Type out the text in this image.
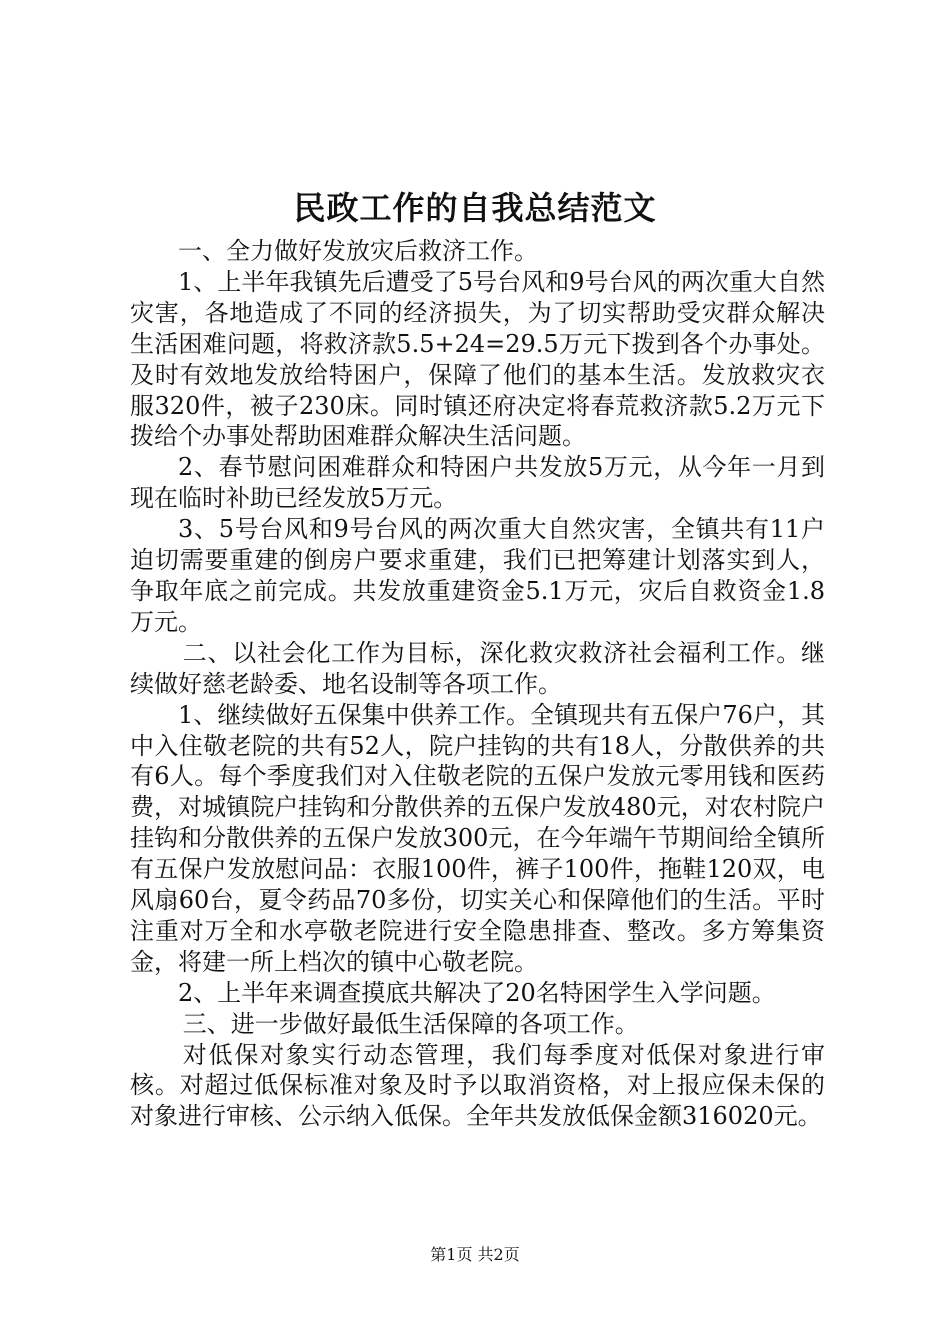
民政工作的自我总结范文

一、全力做好发放灾后救济工作。

1、上半年我镇先后遭受了5号台风和9号台风的两次重大自然灾害，各地造成了不同的经济损失，为了切实帮助受灾群众解决生活困难问题，将救济款5.5+24=29.5万元下拨到各个办事处。及时有效地发放给特困户，保障了他们的基本生活。发放救灾衣服320件，被子230床。同时镇还府决定将春荒救济款5.2万元下拨给个办事处帮助困难群众解决生活问题。

2、春节慰问困难群众和特困户共发放5万元，从今年一月到现在临时补助已经发放5万元。

3、5号台风和9号台风的两次重大自然灾害，全镇共有11户迫切需要重建的倒房户要求重建，我们已把筹建计划落实到人，争取年底之前完成。共发放重建资金5.1万元，灾后自救资金1.8万元。

二、以社会化工作为目标，深化救灾救济社会福利工作。继续做好慈老龄委、地名设制等各项工作。

1、继续做好五保集中供养工作。全镇现共有五保户76户，其中入住敬老院的共有52人，院户挂钩的共有18人，分散供养的共有6人。每个季度我们对入住敬老院的五保户发放元零用钱和医药费，对城镇院户挂钩和分散供养的五保户发放480元，对农村院户挂钩和分散供养的五保户发放300元，在今年端午节期间给全镇所有五保户发放慰问品：衣服100件，裤子100件，拖鞋120双，电风扇60台，夏令药品70多份，切实关心和保障他们的生活。平时注重对万全和水亭敬老院进行安全隐患排查、整改。多方筹集资金，将建一所上档次的镇中心敬老院。

2、上半年来调查摸底共解决了20名特困学生入学问题。

三、进一步做好最低生活保障的各项工作。

对低保对象实行动态管理，我们每季度对低保对象进行审核。对超过低保标准对象及时予以取消资格，对上报应保未保的对象进行审核、公示纳入低保。全年共发放低保金额316020元。

第1页 共2页
